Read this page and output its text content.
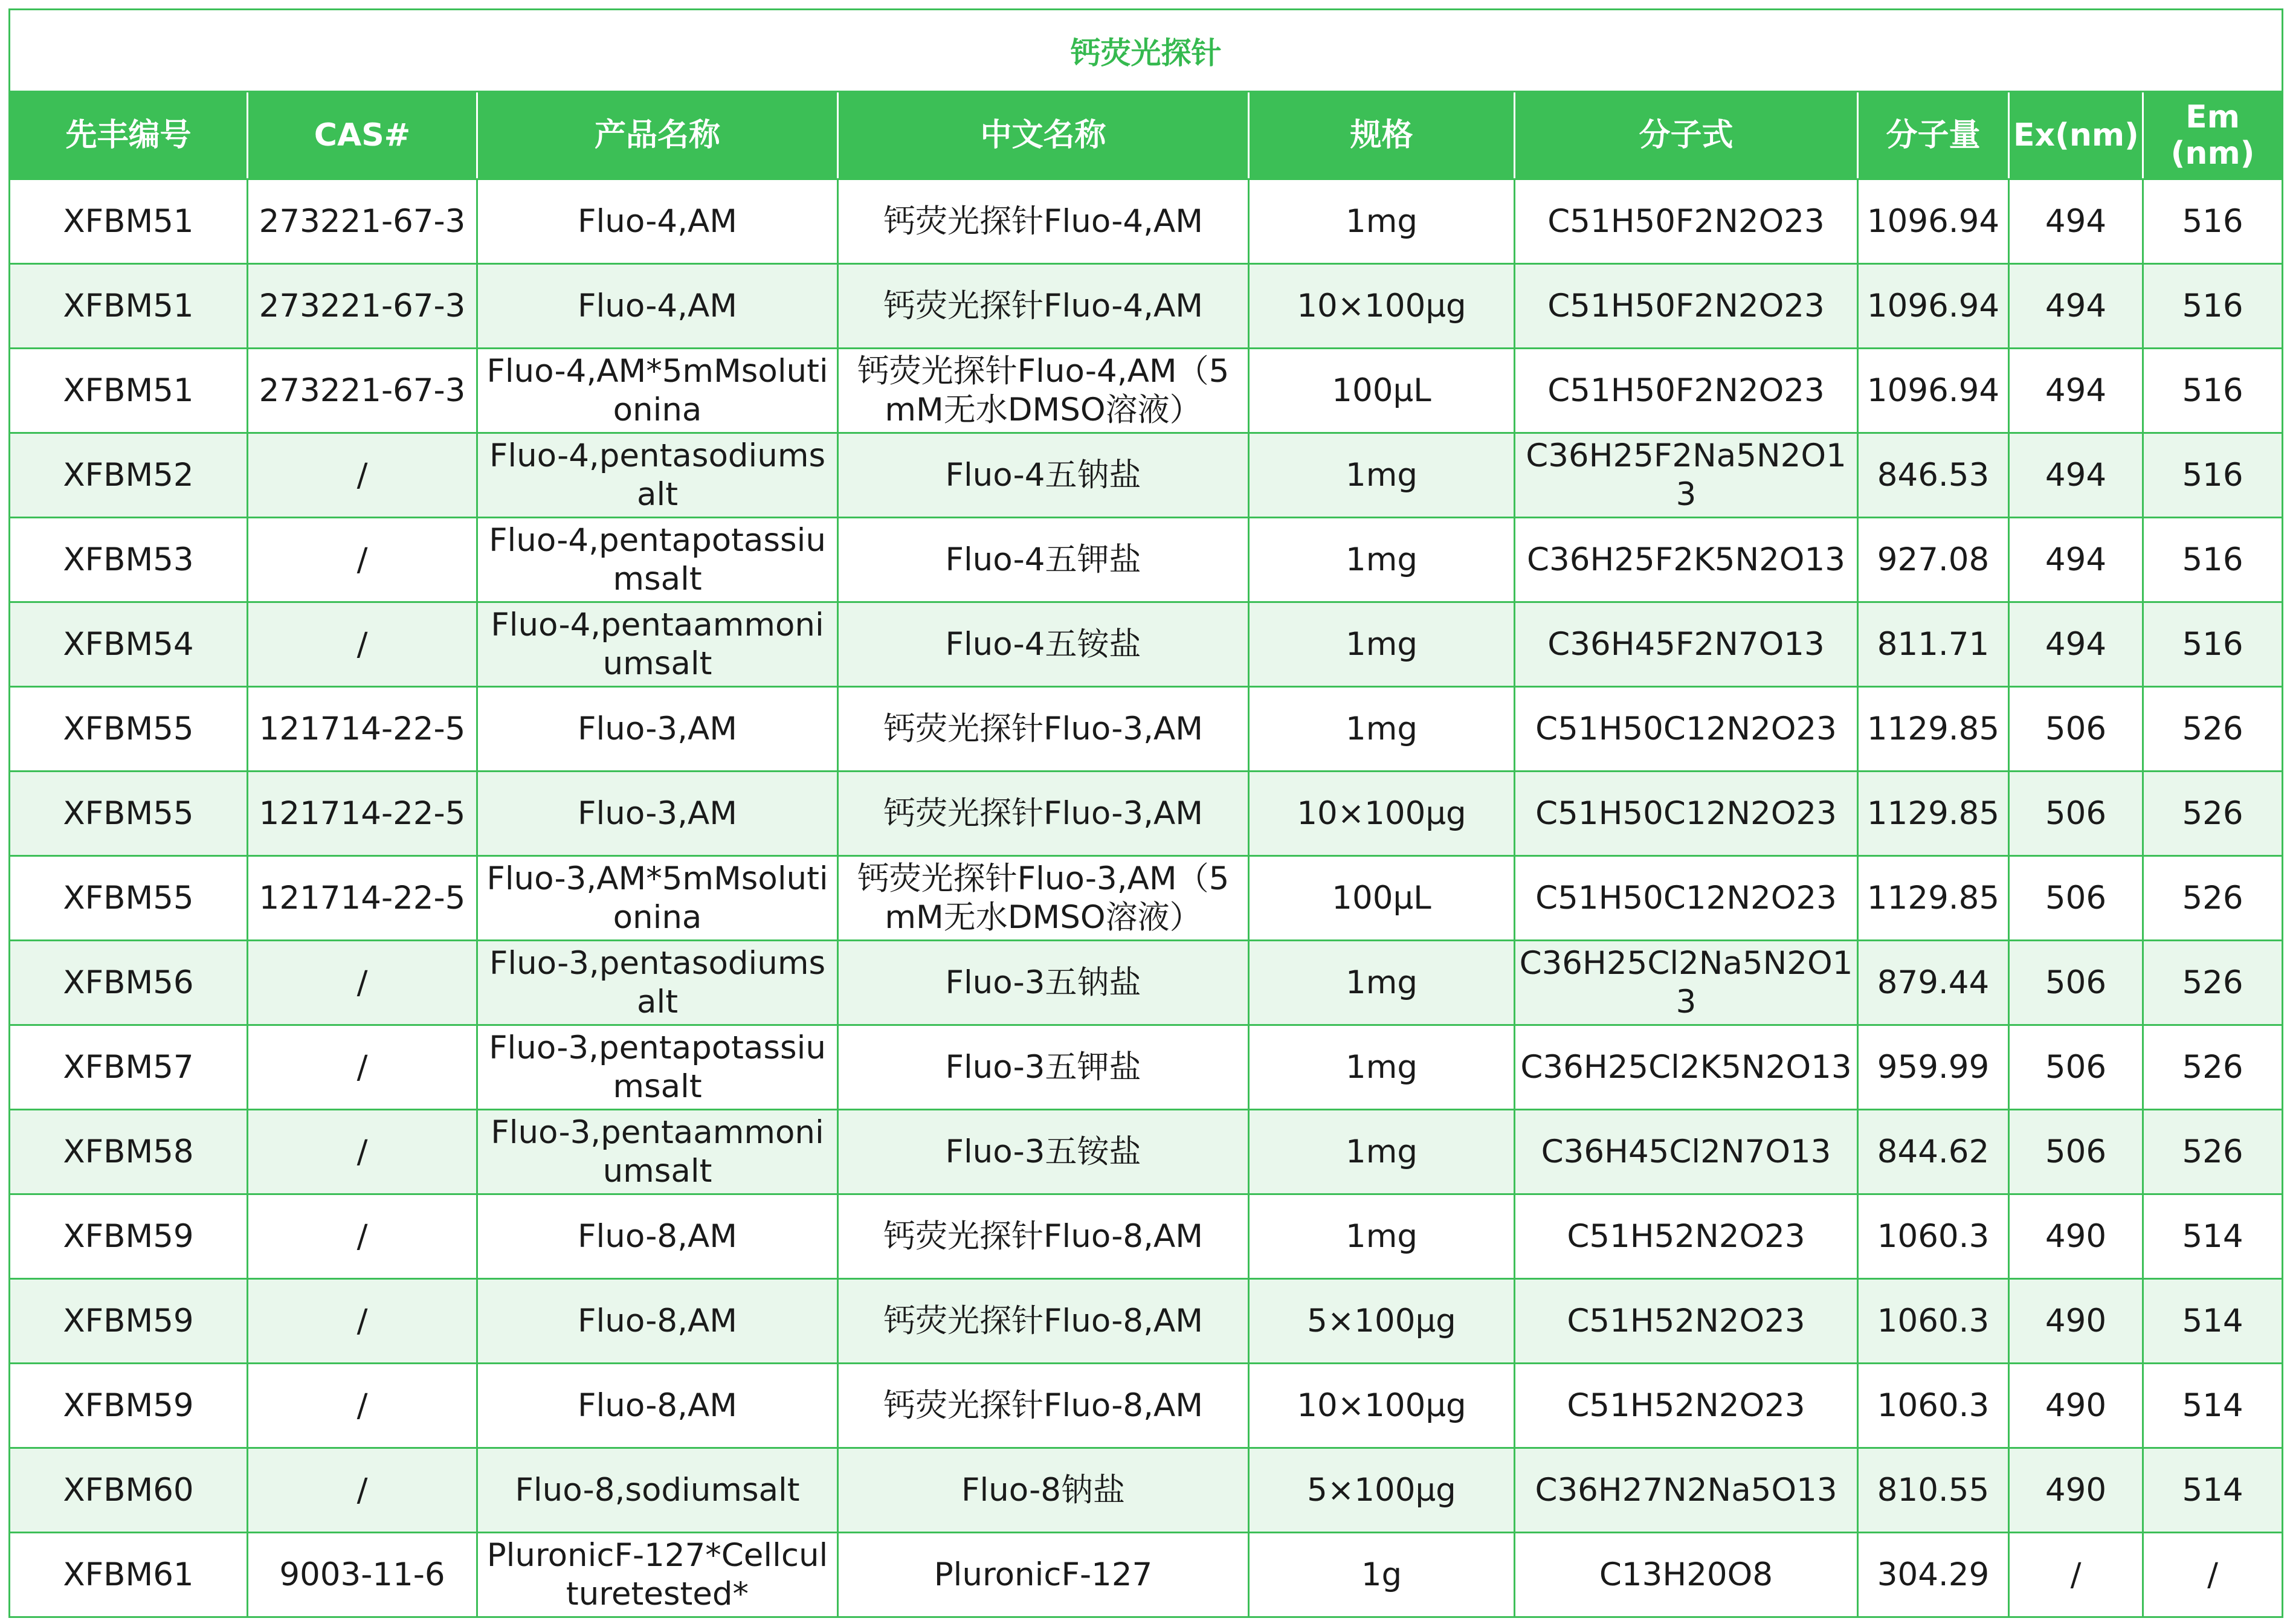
钙荧光探针								
先丰编号	CAS#	产品名称	中文名称	规格	分子式	分子量	Ex(nm)	Em
(nm)

XFBM51	273221-67-3	Fluo-4,AM	钙荧光探针Fluo-4,AM	1mg	C51H50F2N2O23	1096.94	494	516

XFBM51	273221-67-3	Fluo-4,AM	钙荧光探针Fluo-4,AM	10×100μg	C51H50F2N2O23	1096.94	494	516

XFBM51	273221-67-3	Fluo-4,AM*5mMsolutionina	钙荧光探针Fluo-4,AM（5mM无水DMSO溶液）	100μL	C51H50F2N2O23	1096.94	494	516

XFBM52	/	Fluo-4,pentasodiumsalt	Fluo-4五钠盐	1mg	C36H25F2Na5N2O13	846.53	494	516

XFBM53	/	Fluo-4,pentapotassiumsalt	Fluo-4五钾盐	1mg	C36H25F2K5N2O13	927.08	494	516

XFBM54	/	Fluo-4,pentaammoniumsalt	Fluo-4五铵盐	1mg	C36H45F2N7O13	811.71	494	516

XFBM55	121714-22-5	Fluo-3,AM	钙荧光探针Fluo-3,AM	1mg	C51H50C12N2O23	1129.85	506	526

XFBM55	121714-22-5	Fluo-3,AM	钙荧光探针Fluo-3,AM	10×100μg	C51H50C12N2O23	1129.85	506	526

XFBM55	121714-22-5	Fluo-3,AM*5mMsolutionina	钙荧光探针Fluo-3,AM（5mM无水DMSO溶液）	100μL	C51H50C12N2O23	1129.85	506	526

XFBM56	/	Fluo-3,pentasodiumsalt	Fluo-3五钠盐	1mg	C36H25Cl2Na5N2O13	879.44	506	526

XFBM57	/	Fluo-3,pentapotassiumsalt	Fluo-3五钾盐	1mg	C36H25Cl2K5N2O13	959.99	506	526

XFBM58	/	Fluo-3,pentaammoniumsalt	Fluo-3五铵盐	1mg	C36H45Cl2N7O13	844.62	506	526

XFBM59	/	Fluo-8,AM	钙荧光探针Fluo-8,AM	1mg	C51H52N2O23	1060.3	490	514

XFBM59	/	Fluo-8,AM	钙荧光探针Fluo-8,AM	5×100μg	C51H52N2O23	1060.3	490	514

XFBM59	/	Fluo-8,AM	钙荧光探针Fluo-8,AM	10×100μg	C51H52N2O23	1060.3	490	514

XFBM60	/	Fluo-8,sodiumsalt	Fluo-8钠盐	5×100μg	C36H27N2Na5O13	810.55	490	514

XFBM61	9003-11-6	PluronicF-127*Cellculturetested*	PluronicF-127	1g	C13H20O8	304.29	/	/
